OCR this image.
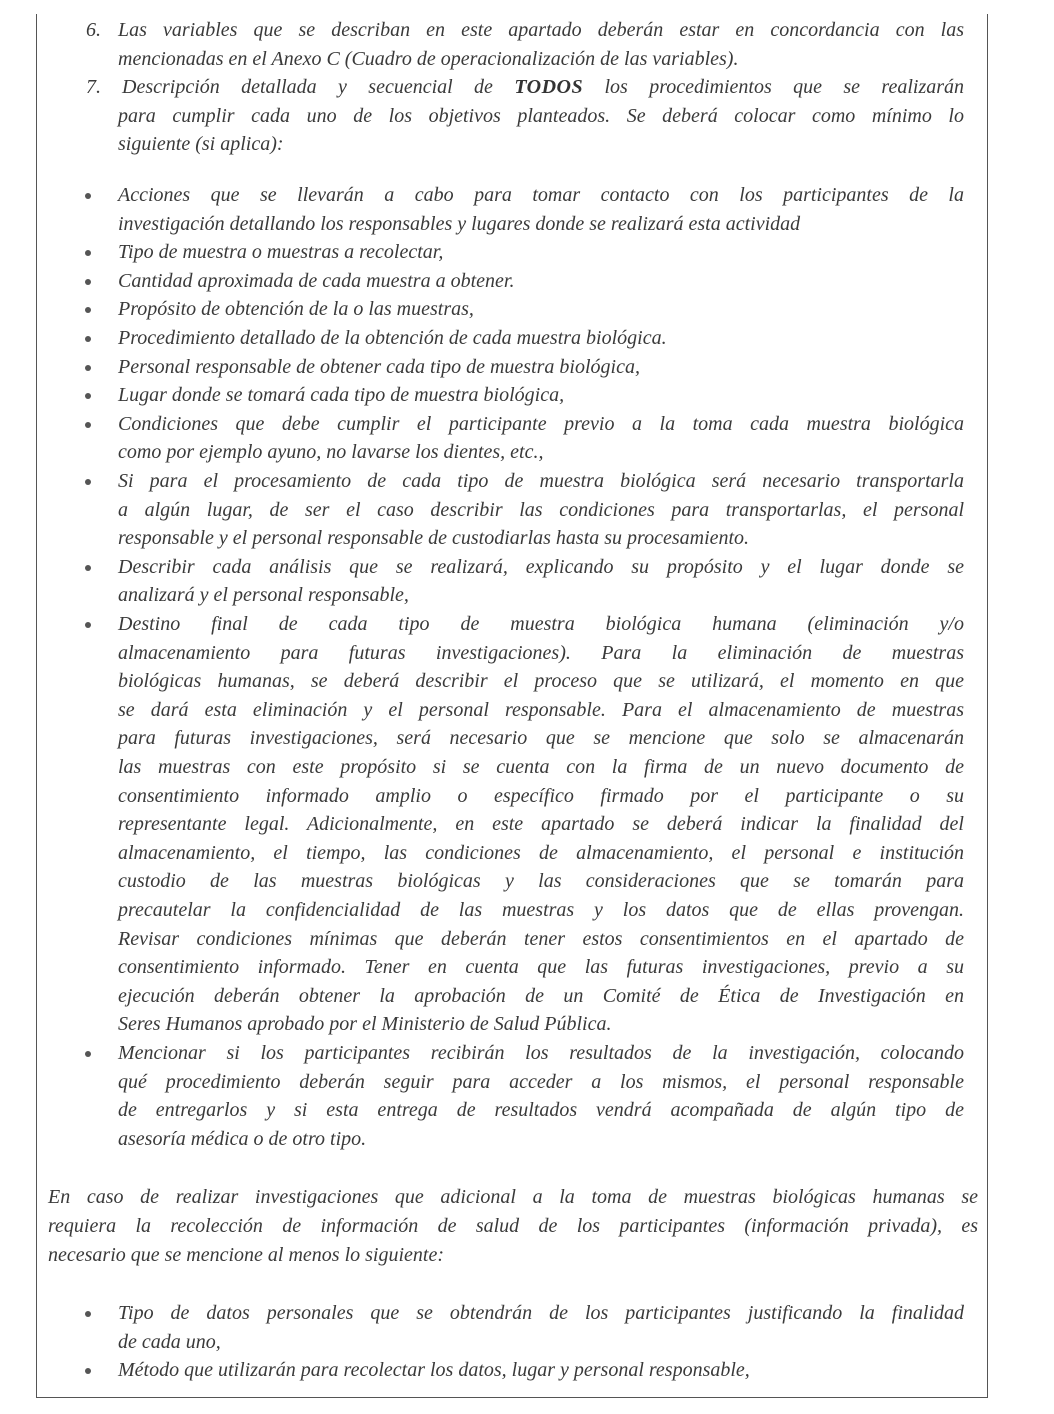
6. Las variables que se describan en este apartado deberán estar en concordancia con las
mencionadas en el Anexo C (Cuadro de operacionalización de las variables).
7. Descripción detallada y secuencial de TODOS los procedimientos que se realizarán
para cumplir cada uno de los objetivos planteados. Se deberá colocar como mínimo lo
siguiente (si aplica):
Acciones que se llevarán a cabo para tomar contacto con los participantes de la
investigación detallando los responsables y lugares donde se realizará esta actividad
Tipo de muestra o muestras a recolectar,
Cantidad aproximada de cada muestra a obtener.
Propósito de obtención de la o las muestras,
Procedimiento detallado de la obtención de cada muestra biológica.
Personal responsable de obtener cada tipo de muestra biológica,
Lugar donde se tomará cada tipo de muestra biológica,
Condiciones que debe cumplir el participante previo a la toma cada muestra biológica
como por ejemplo ayuno, no lavarse los dientes, etc.,
Si para el procesamiento de cada tipo de muestra biológica será necesario transportarla
a algún lugar, de ser el caso describir las condiciones para transportarlas, el personal
responsable y el personal responsable de custodiarlas hasta su procesamiento.
Describir cada análisis que se realizará, explicando su propósito y el lugar donde se
analizará y el personal responsable,
Destino final de cada tipo de muestra biológica humana (eliminación y/o
almacenamiento para futuras investigaciones). Para la eliminación de muestras
biológicas humanas, se deberá describir el proceso que se utilizará, el momento en que
se dará esta eliminación y el personal responsable. Para el almacenamiento de muestras
para futuras investigaciones, será necesario que se mencione que solo se almacenarán
las muestras con este propósito si se cuenta con la firma de un nuevo documento de
consentimiento informado amplio o específico firmado por el participante o su
representante legal. Adicionalmente, en este apartado se deberá indicar la finalidad del
almacenamiento, el tiempo, las condiciones de almacenamiento, el personal e institución
custodio de las muestras biológicas y las consideraciones que se tomarán para
precautelar la confidencialidad de las muestras y los datos que de ellas provengan.
Revisar condiciones mínimas que deberán tener estos consentimientos en el apartado de
consentimiento informado. Tener en cuenta que las futuras investigaciones, previo a su
ejecución deberán obtener la aprobación de un Comité de Ética de Investigación en
Seres Humanos aprobado por el Ministerio de Salud Pública.
Mencionar si los participantes recibirán los resultados de la investigación, colocando
qué procedimiento deberán seguir para acceder a los mismos, el personal responsable
de entregarlos y si esta entrega de resultados vendrá acompañada de algún tipo de
asesoría médica o de otro tipo.
En caso de realizar investigaciones que adicional a la toma de muestras biológicas humanas se
requiera la recolección de información de salud de los participantes (información privada), es
necesario que se mencione al menos lo siguiente:
Tipo de datos personales que se obtendrán de los participantes justificando la finalidad
de cada uno,
Método que utilizarán para recolectar los datos, lugar y personal responsable,
